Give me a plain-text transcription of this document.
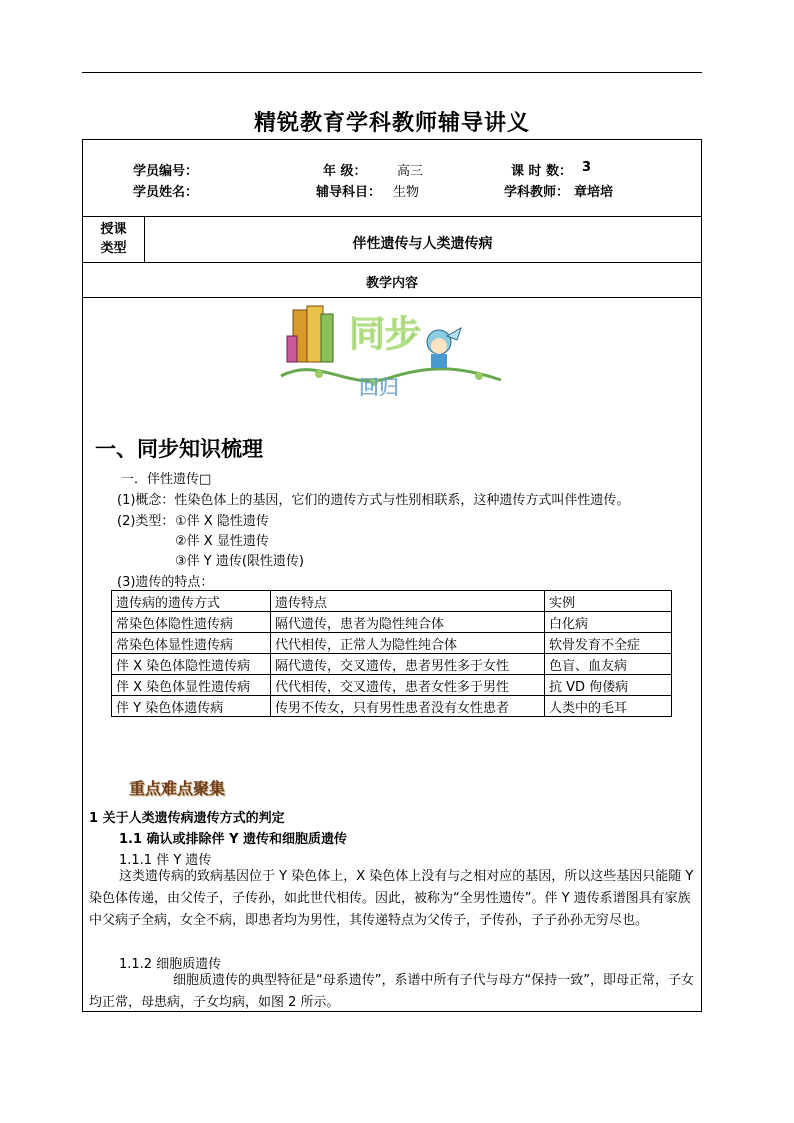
精锐教育学科教师辅导讲义
学员编号：	年 级： 高三	课 时 数： 3
学员姓名：	辅导科目： 生物	学科教师： 章培培
授课
类型	伴性遗传与人类遗传病
教学内容
同步
回归
一、同步知识梳理
一．伴性遗传□
(1)概念：性染色体上的基因，它们的遗传方式与性别相联系，这种遗传方式叫伴性遗传。
(2)类型： ①伴 X 隐性遗传
②伴 X 显性遗传
③伴 Y 遗传(限性遗传)
(3)遗传的特点：
遗传病的遗传方式	遗传特点	实例
常染色体隐性遗传病	隔代遗传，患者为隐性纯合体	白化病
常染色体显性遗传病	代代相传，正常人为隐性纯合体	软骨发育不全症
伴 X 染色体隐性遗传病	隔代遗传，交叉遗传，患者男性多于女性	色盲、血友病
伴 X 染色体显性遗传病	代代相传，交叉遗传，患者女性多于男性	抗 VD 佝偻病
伴 Y 染色体遗传病	传男不传女，只有男性患者没有女性患者	人类中的毛耳
重点难点聚集
1 关于人类遗传病遗传方式的判定
1.1 确认或排除伴 Y 遗传和细胞质遗传
1.1.1 伴 Y 遗传
这类遗传病的致病基因位于 Y 染色体上，X 染色体上没有与之相对应的基因，所以这些基因只能随 Y 染色体传递，由父传子，子传孙，如此世代相传。因此，被称为“全男性遗传”。伴 Y 遗传系谱图具有家族中父病子全病，女全不病，即患者均为男性，其传递特点为父传子，子传孙，子子孙孙无穷尽也。
1.1.2 细胞质遗传
细胞质遗传的典型特征是“母系遗传”，系谱中所有子代与母方“保持一致”，即母正常，子女均正常，母患病，子女均病，如图 2 所示。
